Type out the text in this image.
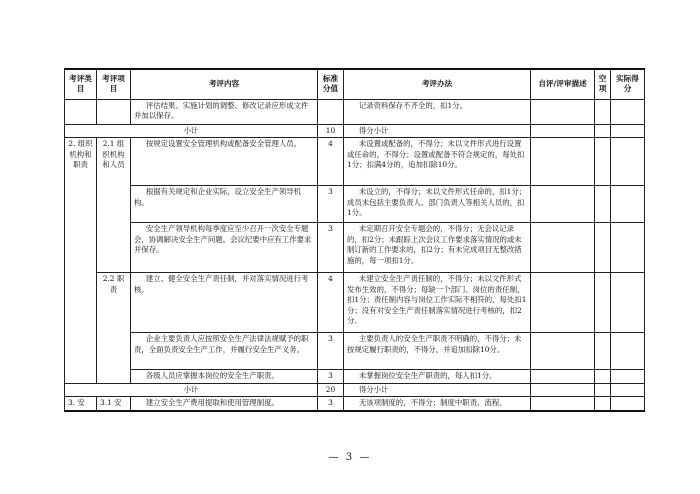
考评类目	考评项目	考评内容	标准分值	考评办法	自评/评审描述	空项	实际得分
		评估结果、实施计划的调整、修改记录应形成文件并加以保存。		记录资料保存不齐全的，扣1分。			
小计			10	得分小计			
2. 组织机构和职责	2.1 组织机构和人员	按规定设置安全管理机构或配备安全管理人员。	4	未设置或配备的，不得分；未以文件形式进行设置或任命的，不得分；设置或配备不符合规定的，每处扣1分；扣满4分的，追加扣除10分。			
		根据有关规定和企业实际，设立安全生产领导机构。	3	未设立的，不得分；未以文件形式任命的，扣1分；成员未包括主要负责人、部门负责人等相关人员的，扣1分。			
		安全生产领导机构每季度应至少召开一次安全专题会，协调解决安全生产问题。会议纪要中应有工作要求并保存。	3	未定期召开安全专题会的，不得分；无会议记录的，扣2分；未跟踪上次会议工作要求落实情况的或未制订新的工作要求的，扣2分；有未完成项目无整改措施的，每一项扣1分。			
	2.2 职责	建立、健全安全生产责任制，并对落实情况进行考核。	4	未建立安全生产责任制的，不得分；未以文件形式发布生效的，不得分；每缺一个部门、岗位的责任制，扣1分；责任制内容与岗位工作实际不相符的，每处扣1分；没有对安全生产责任制落实情况进行考核的，扣2分。			
		企业主要负责人应按照安全生产法律法规赋予的职责，全面负责安全生产工作，并履行安全生产义务。	3	主要负责人的安全生产职责不明确的，不得分；未按规定履行职责的，不得分，并追加扣除10分。			
		各级人员应掌握本岗位的安全生产职责。	3	未掌握岗位安全生产职责的，每人扣1分。			
小计			20	得分小计			
3. 安	3.1 安	建立安全生产费用提取和使用管理制度。	3	无该项制度的，不得分；制度中职责、流程、			
— 3 —
